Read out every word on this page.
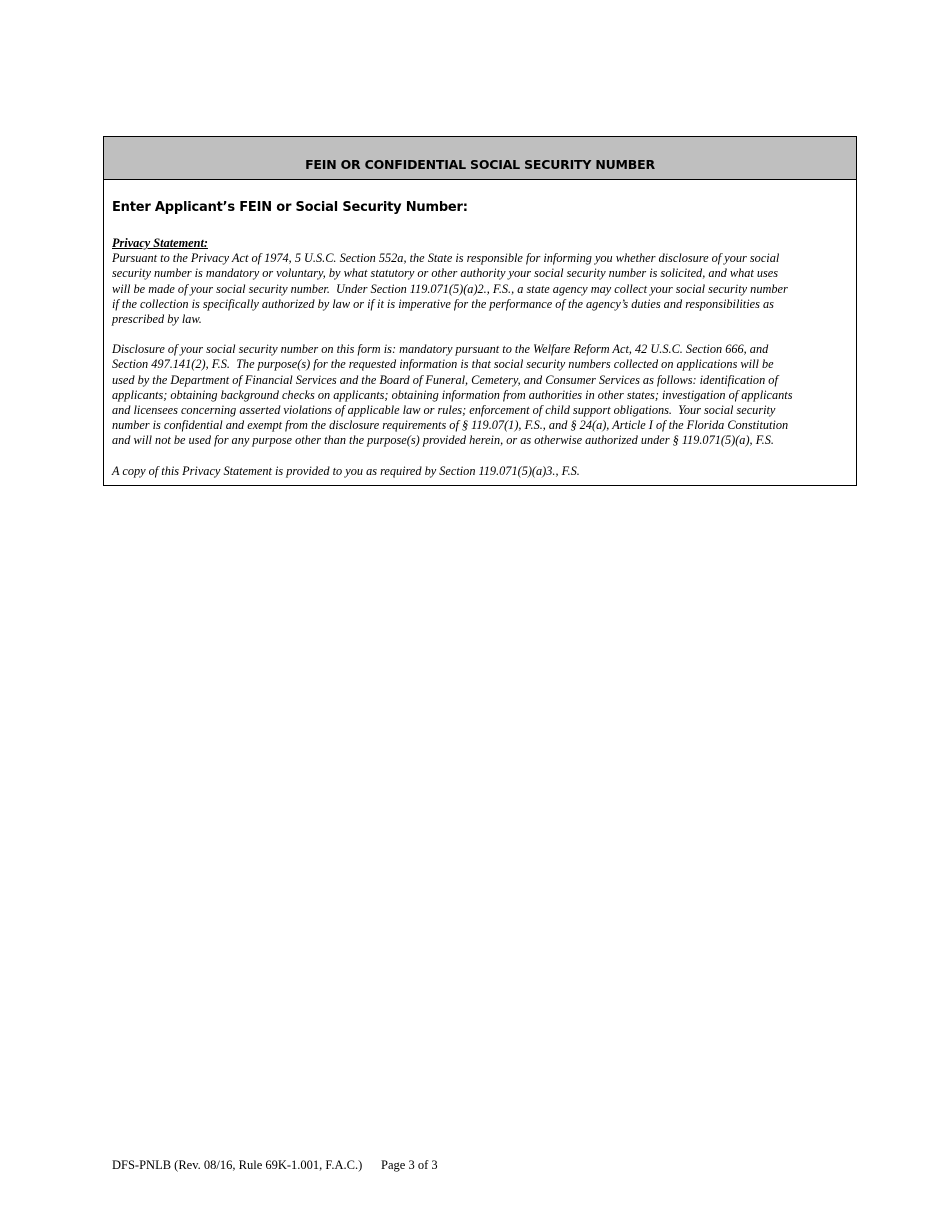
FEIN OR CONFIDENTIAL SOCIAL SECURITY NUMBER
Enter Applicant’s FEIN or Social Security Number:
Privacy Statement:

Pursuant to the Privacy Act of 1974, 5 U.S.C. Section 552a, the State is responsible for informing you whether disclosure of your social

security number is mandatory or voluntary, by what statutory or other authority your social security number is solicited, and what uses

will be made of your social security number.  Under Section 119.071(5)(a)2., F.S., a state agency may collect your social security number

if the collection is specifically authorized by law or if it is imperative for the performance of the agency’s duties and responsibilities as

prescribed by law.

Disclosure of your social security number on this form is: mandatory pursuant to the Welfare Reform Act, 42 U.S.C. Section 666, and

Section 497.141(2), F.S.  The purpose(s) for the requested information is that social security numbers collected on applications will be

used by the Department of Financial Services and the Board of Funeral, Cemetery, and Consumer Services as follows: identification of

applicants; obtaining background checks on applicants; obtaining information from authorities in other states; investigation of applicants

and licensees concerning asserted violations of applicable law or rules; enforcement of child support obligations.  Your social security

number is confidential and exempt from the disclosure requirements of § 119.07(1), F.S., and § 24(a), Article I of the Florida Constitution

and will not be used for any purpose other than the purpose(s) provided herein, or as otherwise authorized under § 119.071(5)(a), F.S.

A copy of this Privacy Statement is provided to you as required by Section 119.071(5)(a)3., F.S.

DFS-PNLB (Rev. 08/16, Rule 69K-1.001, F.A.C.) Page 3 of 3
